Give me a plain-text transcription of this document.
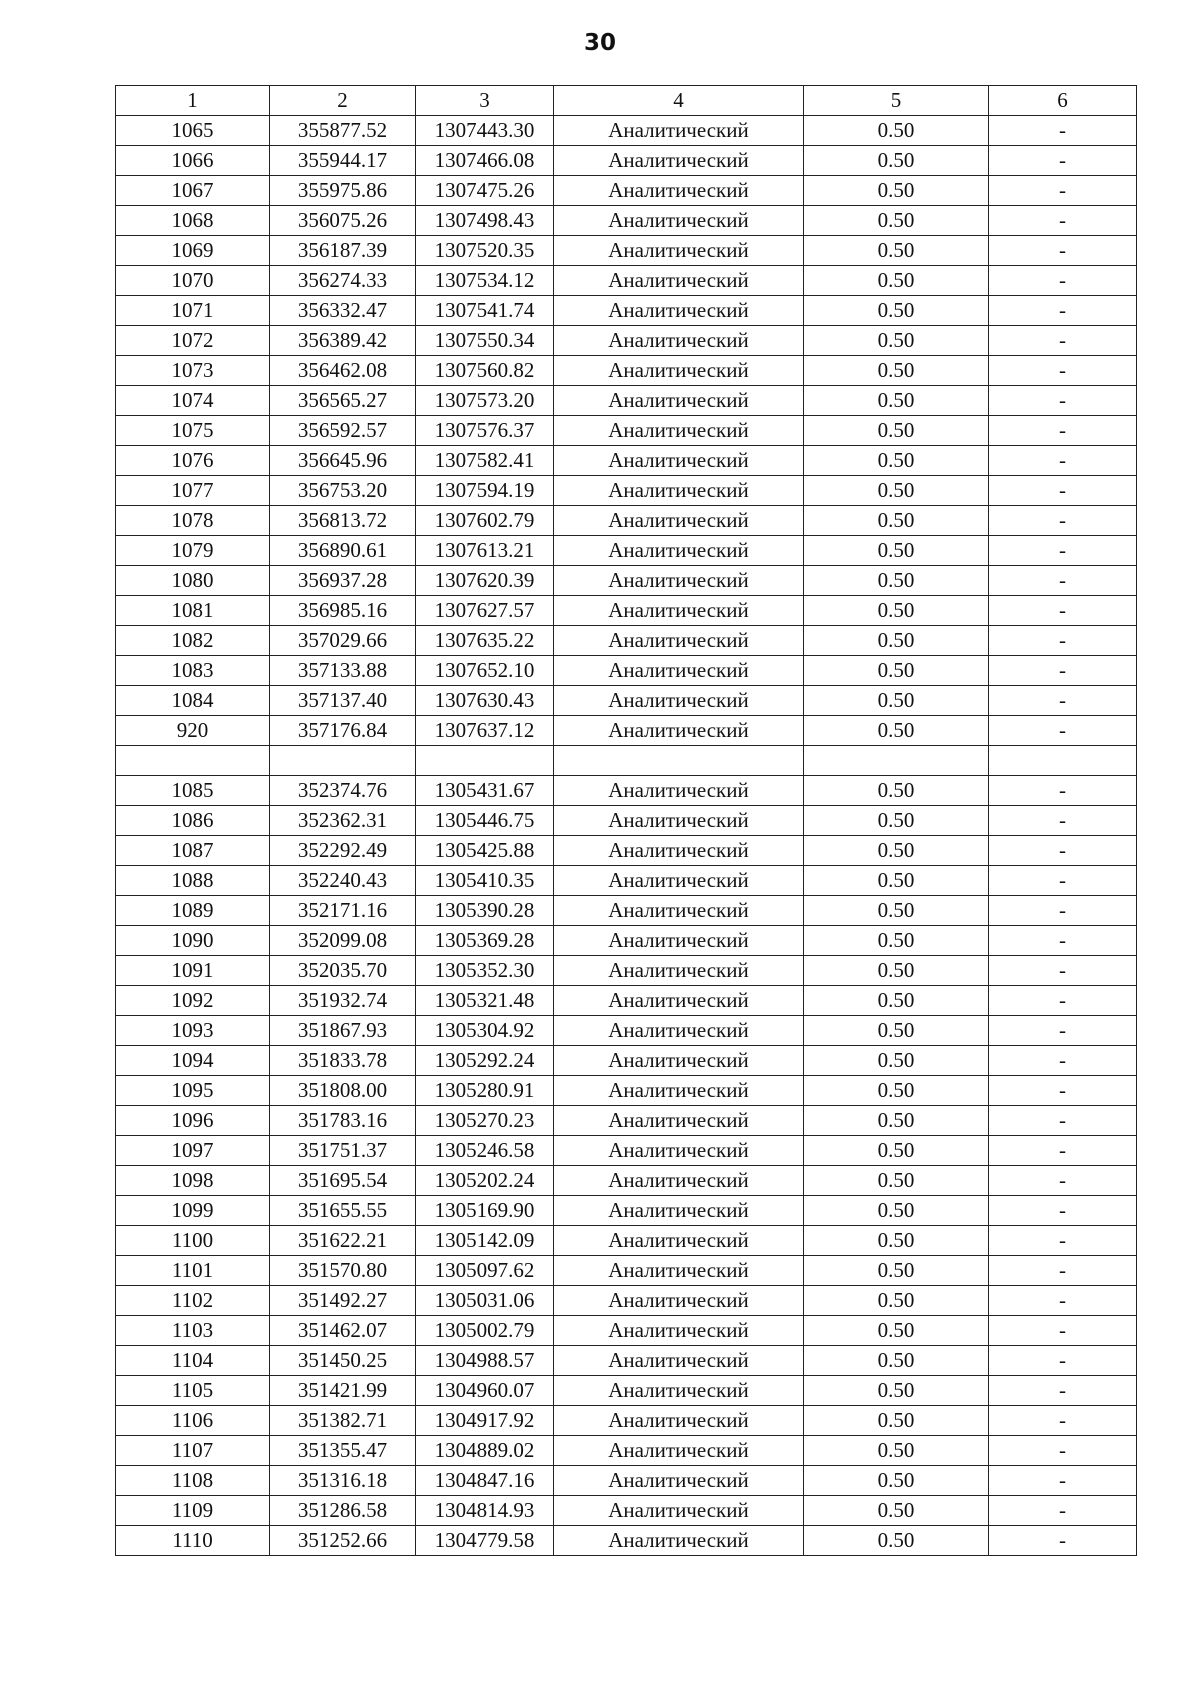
30
1	2	3	4	5	6
1065	355877.52	1307443.30	Аналитический	0.50	-
1066	355944.17	1307466.08	Аналитический	0.50	-
1067	355975.86	1307475.26	Аналитический	0.50	-
1068	356075.26	1307498.43	Аналитический	0.50	-
1069	356187.39	1307520.35	Аналитический	0.50	-
1070	356274.33	1307534.12	Аналитический	0.50	-
1071	356332.47	1307541.74	Аналитический	0.50	-
1072	356389.42	1307550.34	Аналитический	0.50	-
1073	356462.08	1307560.82	Аналитический	0.50	-
1074	356565.27	1307573.20	Аналитический	0.50	-
1075	356592.57	1307576.37	Аналитический	0.50	-
1076	356645.96	1307582.41	Аналитический	0.50	-
1077	356753.20	1307594.19	Аналитический	0.50	-
1078	356813.72	1307602.79	Аналитический	0.50	-
1079	356890.61	1307613.21	Аналитический	0.50	-
1080	356937.28	1307620.39	Аналитический	0.50	-
1081	356985.16	1307627.57	Аналитический	0.50	-
1082	357029.66	1307635.22	Аналитический	0.50	-
1083	357133.88	1307652.10	Аналитический	0.50	-
1084	357137.40	1307630.43	Аналитический	0.50	-
920	357176.84	1307637.12	Аналитический	0.50	-

1085	352374.76	1305431.67	Аналитический	0.50	-
1086	352362.31	1305446.75	Аналитический	0.50	-
1087	352292.49	1305425.88	Аналитический	0.50	-
1088	352240.43	1305410.35	Аналитический	0.50	-
1089	352171.16	1305390.28	Аналитический	0.50	-
1090	352099.08	1305369.28	Аналитический	0.50	-
1091	352035.70	1305352.30	Аналитический	0.50	-
1092	351932.74	1305321.48	Аналитический	0.50	-
1093	351867.93	1305304.92	Аналитический	0.50	-
1094	351833.78	1305292.24	Аналитический	0.50	-
1095	351808.00	1305280.91	Аналитический	0.50	-
1096	351783.16	1305270.23	Аналитический	0.50	-
1097	351751.37	1305246.58	Аналитический	0.50	-
1098	351695.54	1305202.24	Аналитический	0.50	-
1099	351655.55	1305169.90	Аналитический	0.50	-
1100	351622.21	1305142.09	Аналитический	0.50	-
1101	351570.80	1305097.62	Аналитический	0.50	-
1102	351492.27	1305031.06	Аналитический	0.50	-
1103	351462.07	1305002.79	Аналитический	0.50	-
1104	351450.25	1304988.57	Аналитический	0.50	-
1105	351421.99	1304960.07	Аналитический	0.50	-
1106	351382.71	1304917.92	Аналитический	0.50	-
1107	351355.47	1304889.02	Аналитический	0.50	-
1108	351316.18	1304847.16	Аналитический	0.50	-
1109	351286.58	1304814.93	Аналитический	0.50	-
1110	351252.66	1304779.58	Аналитический	0.50	-
